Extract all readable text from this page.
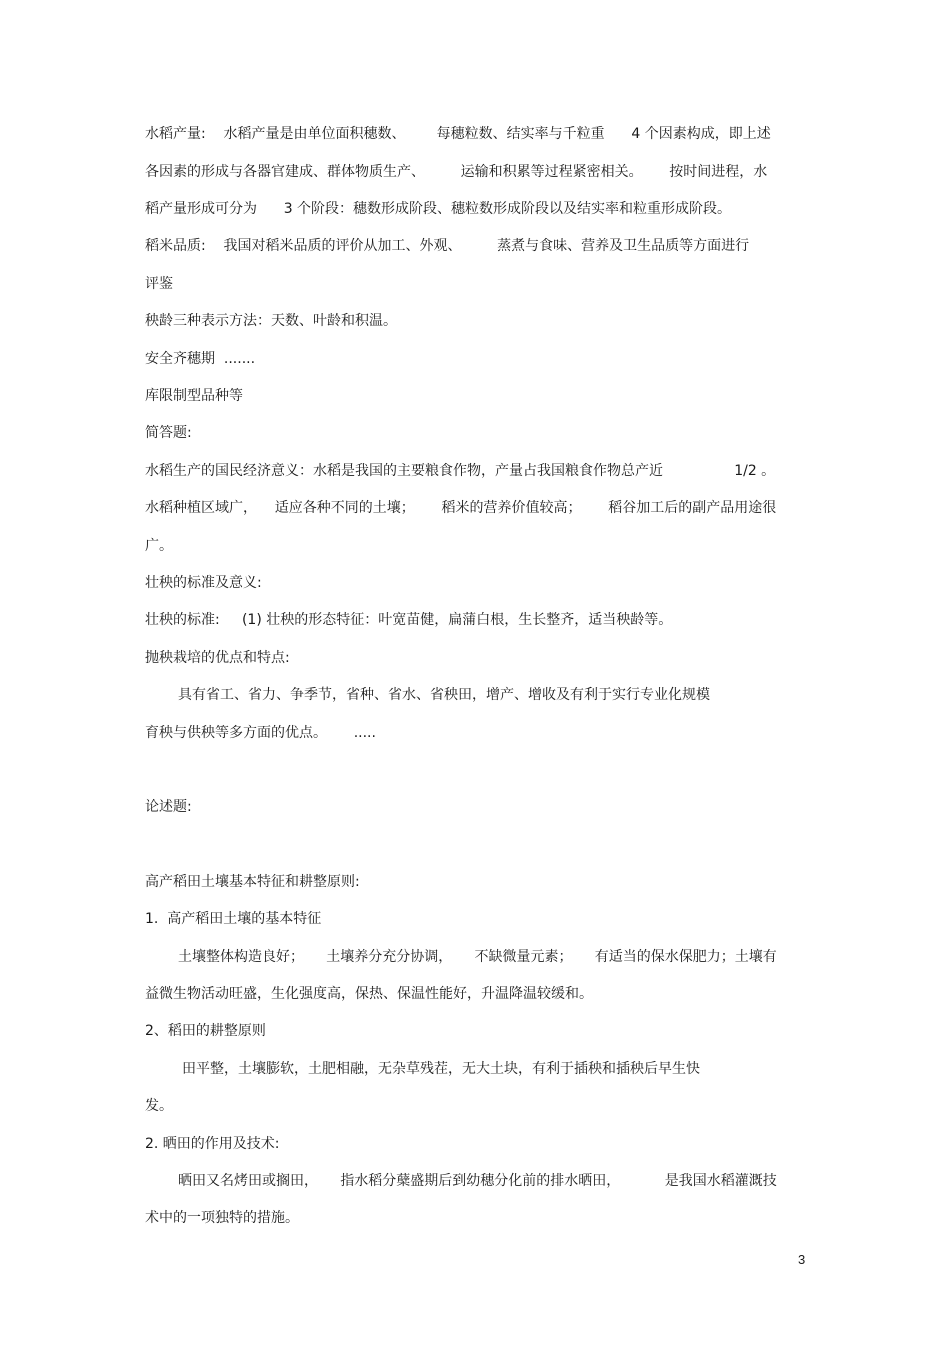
水稻产量:    水稻产量是由单位面积穗数、       每穗粒数、结实率与千粒重      4 个因素构成，即上述
各因素的形成与各器官建成、群体物质生产、        运输和积累等过程紧密相关。      按时间进程，水
稻产量形成可分为      3 个阶段：穗数形成阶段、穗粒数形成阶段以及结实率和粒重形成阶段。
稻米品质:    我国对稻米品质的评价从加工、外观、        蒸煮与食味、营养及卫生品质等方面进行
评鉴
秧龄三种表示方法：天数、叶龄和积温。
安全齐穗期  .......
库限制型品种等
简答题:
水稻生产的国民经济意义：水稻是我国的主要粮食作物，产量占我国粮食作物总产近                1/2 。
水稻种植区域广，    适应各种不同的土壤；      稻米的营养价值较高；      稻谷加工后的副产品用途很
广。
壮秧的标准及意义:
壮秧的标准:     (1) 壮秧的形态特征：叶宽苗健，扁蒲白根，生长整齐，适当秧龄等。
抛秧栽培的优点和特点:
具有省工、省力、争季节，省种、省水、省秧田，增产、增收及有利于实行专业化规模
育秧与供秧等多方面的优点。      .....
论述题:
高产稻田土壤基本特征和耕整原则:
1.  高产稻田土壤的基本特征
土壤整体构造良好；     土壤养分充分协调，     不缺微量元素；     有适当的保水保肥力；土壤有
益微生物活动旺盛，生化强度高，保热、保温性能好，升温降温较缓和。
2、稻田的耕整原则
田平整，土壤膨软，土肥相融，无杂草残茬，无大土块，有利于插秧和插秧后早生快
发。
2. 晒田的作用及技术:
晒田又名烤田或搁田，     指水稻分蘖盛期后到幼穗分化前的排水晒田，          是我国水稻灌溉技
术中的一项独特的措施。
3
